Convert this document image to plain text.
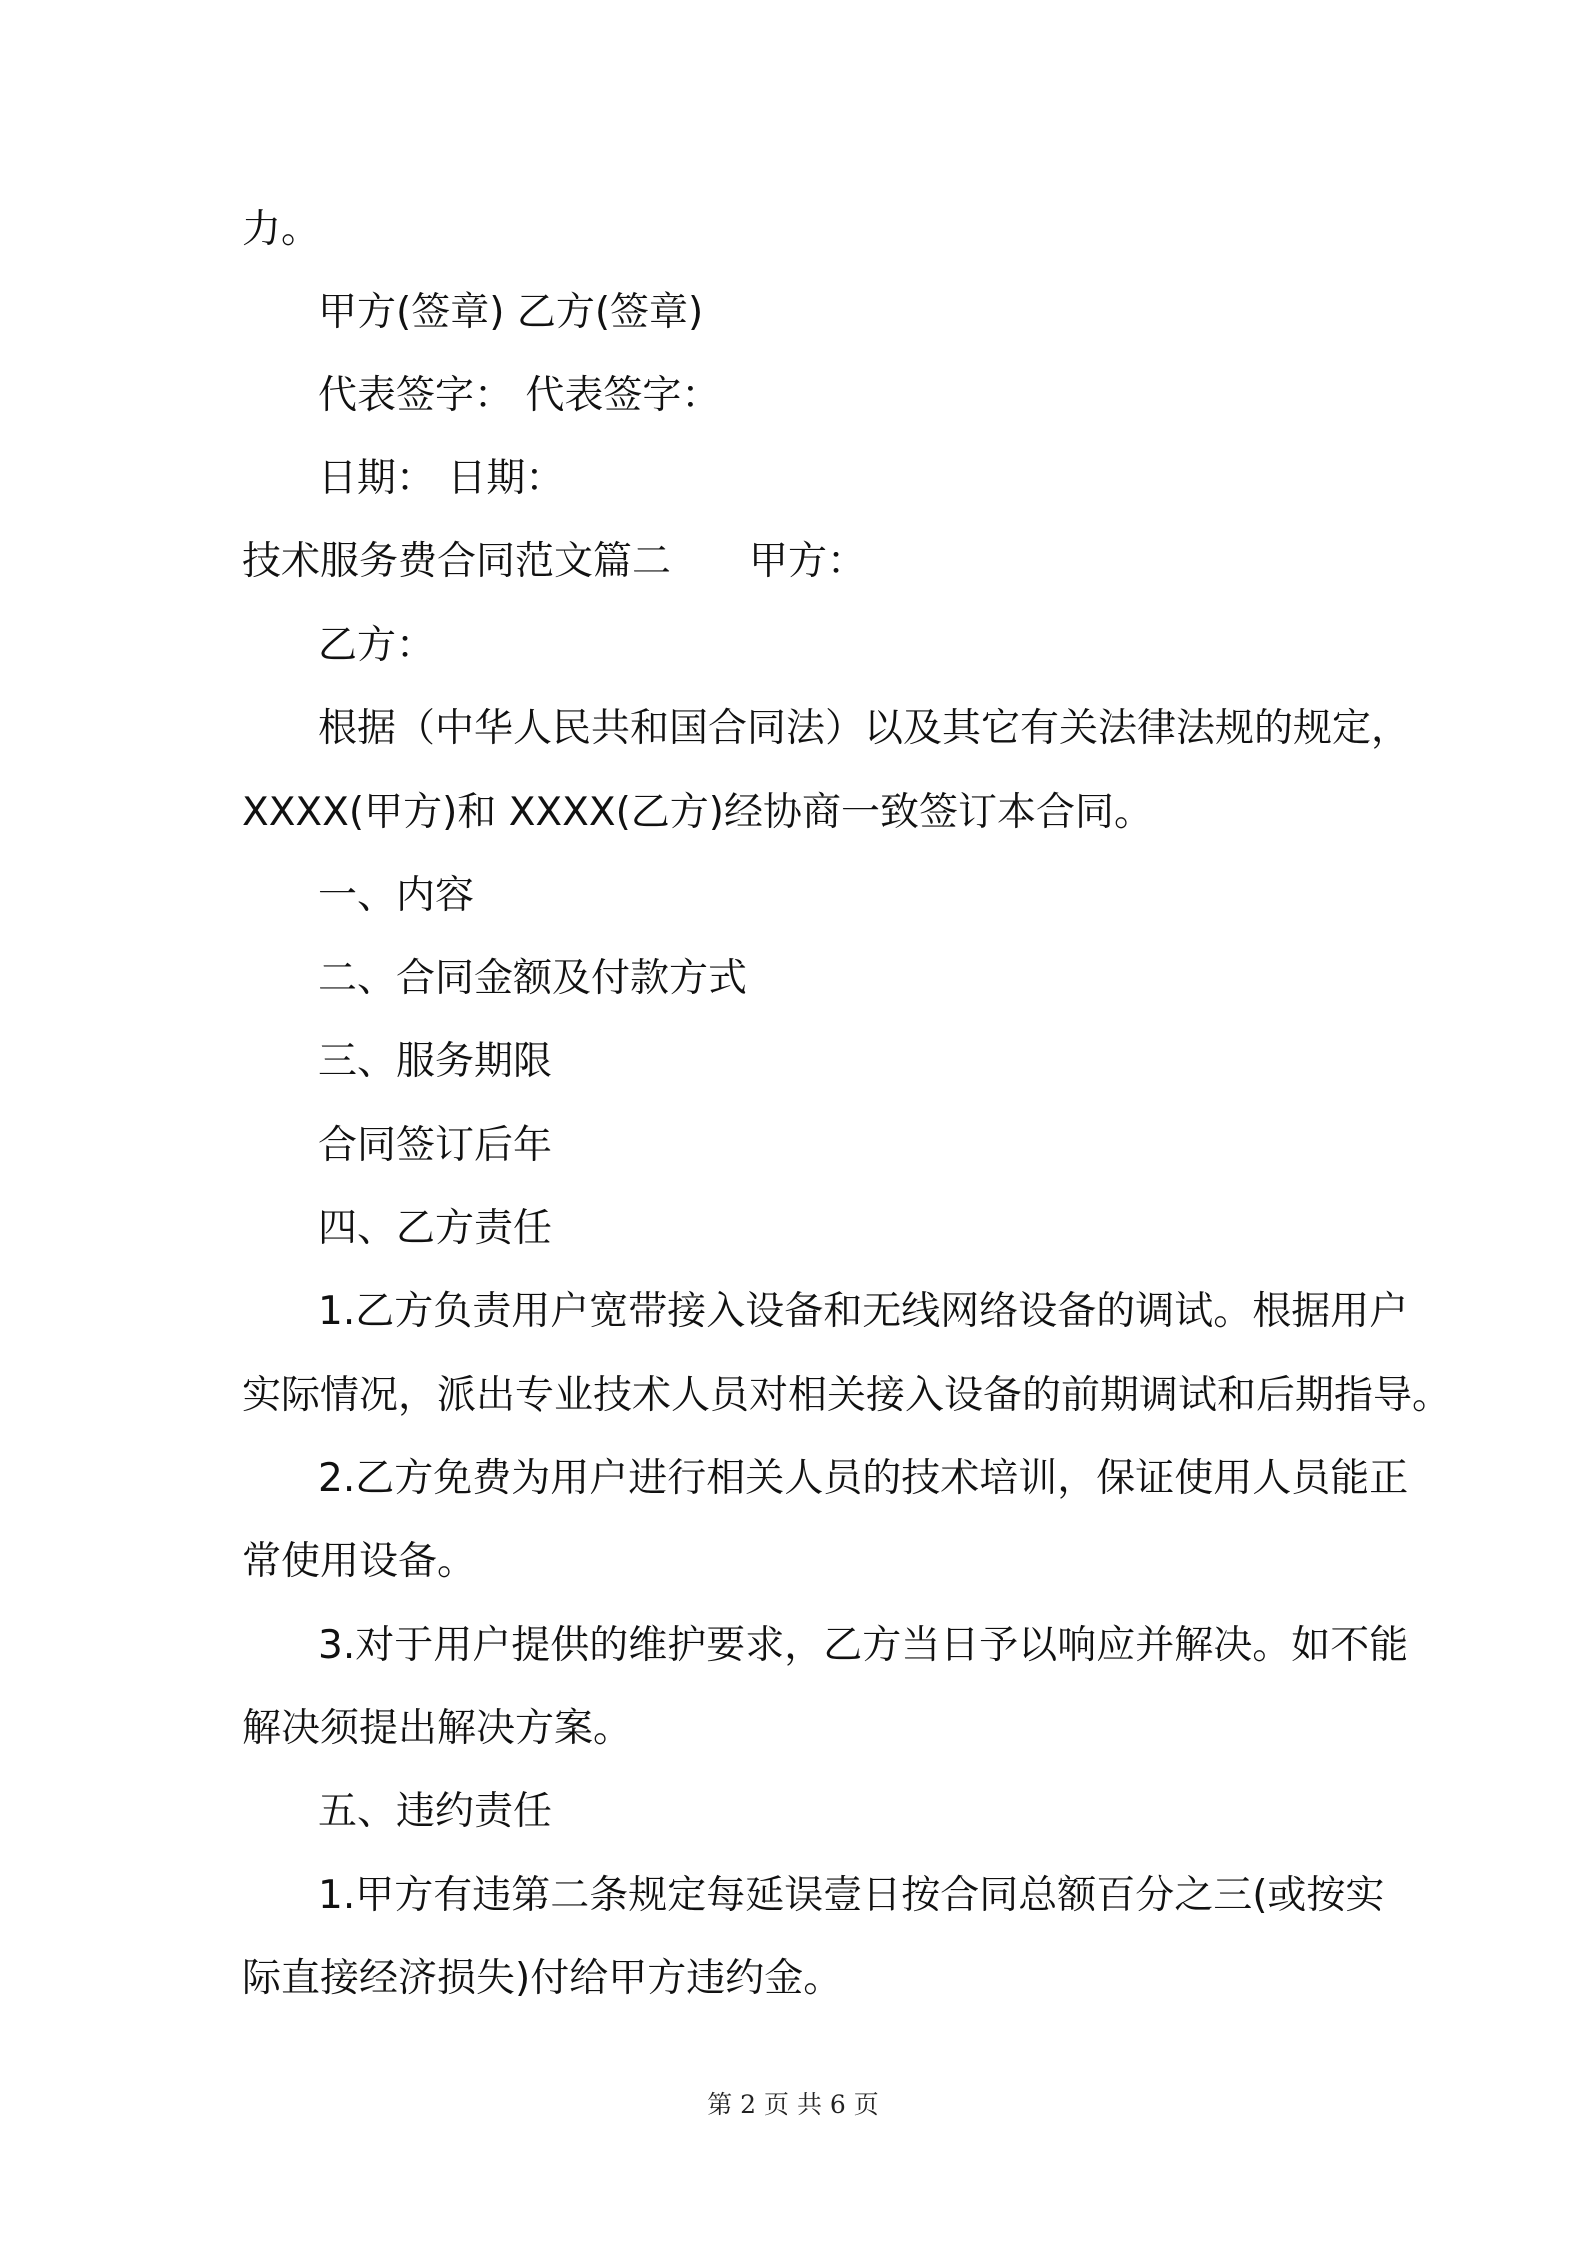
力。
甲方(签章) 乙方(签章)
代表签字： 代表签字：
日期： 日期：
技术服务费合同范文篇二　　甲方：
乙方：
根据（中华人民共和国合同法）以及其它有关法律法规的规定，
XXXX(甲方)和 XXXX(乙方)经协商一致签订本合同。
一、内容
二、合同金额及付款方式
三、服务期限
合同签订后年
四、乙方责任
1.乙方负责用户宽带接入设备和无线网络设备的调试。根据用户
实际情况，派出专业技术人员对相关接入设备的前期调试和后期指导。
2.乙方免费为用户进行相关人员的技术培训，保证使用人员能正
常使用设备。
3.对于用户提供的维护要求，乙方当日予以响应并解决。如不能
解决须提出解决方案。
五、违约责任
1.甲方有违第二条规定每延误壹日按合同总额百分之三(或按实
际直接经济损失)付给甲方违约金。
第 2 页 共 6 页
